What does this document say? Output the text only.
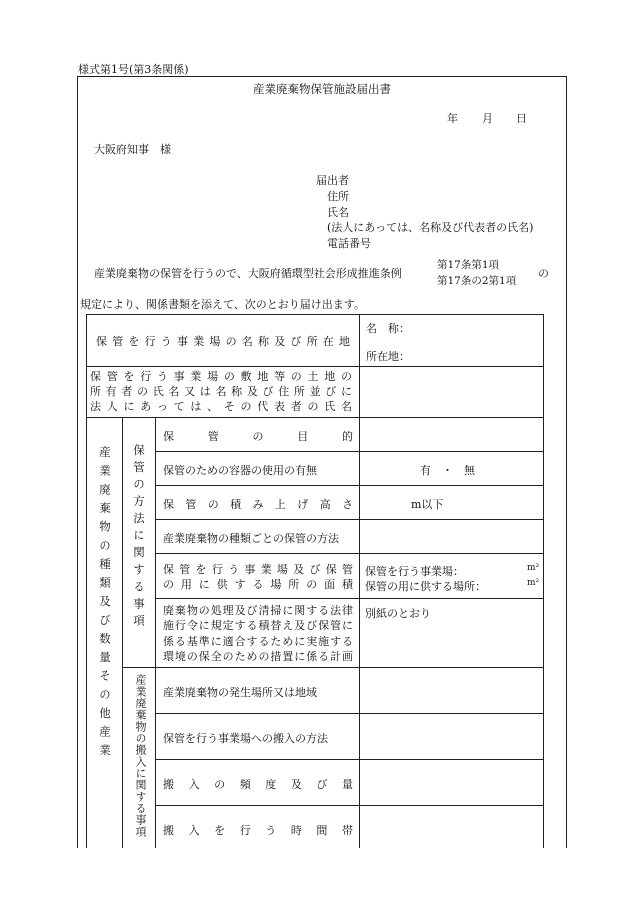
様式第1号(第3条関係)
産業廃棄物保管施設届出書
年 月 日
大阪府知事　様
届出者
住所
氏名
(法人にあっては、名称及び代表者の氏名)
電話番号
産業廃棄物の保管を行うので、大阪府循環型社会形成推進条例
第17条第1項
第17条の2第1項
の
規定により、関係書類を添えて、次のとおり届け出ます。
保管を行う事業場の名称及び所在地
名　称：
所在地：
保管を行う事業場の敷地等の土地の
所有者の氏名又は名称及び住所並びに
法人にあっては、その代表者の氏名
産業廃棄物の種類及び数量その他産業 保管の方法に関する事項
産業廃棄物の搬入に関する事項
保管の目的
保管のための容器の使用の有無	有　・　無
保管の積み上げ高さ	m以下
産業廃棄物の種類ごとの保管の方法
保管を行う事業場及び保管
の用に供する場所の面積
保管を行う事業場：
保管の用に供する場所：
m²
m²
廃棄物の処理及び清掃に関する法律
施行令に規定する積替え及び保管に
係る基準に適合するために実施する
環境の保全のための措置に係る計画
別紙のとおり
産業廃棄物の発生場所又は地域
保管を行う事業場への搬入の方法
搬入の頻度及び量
搬入を行う時間帯
